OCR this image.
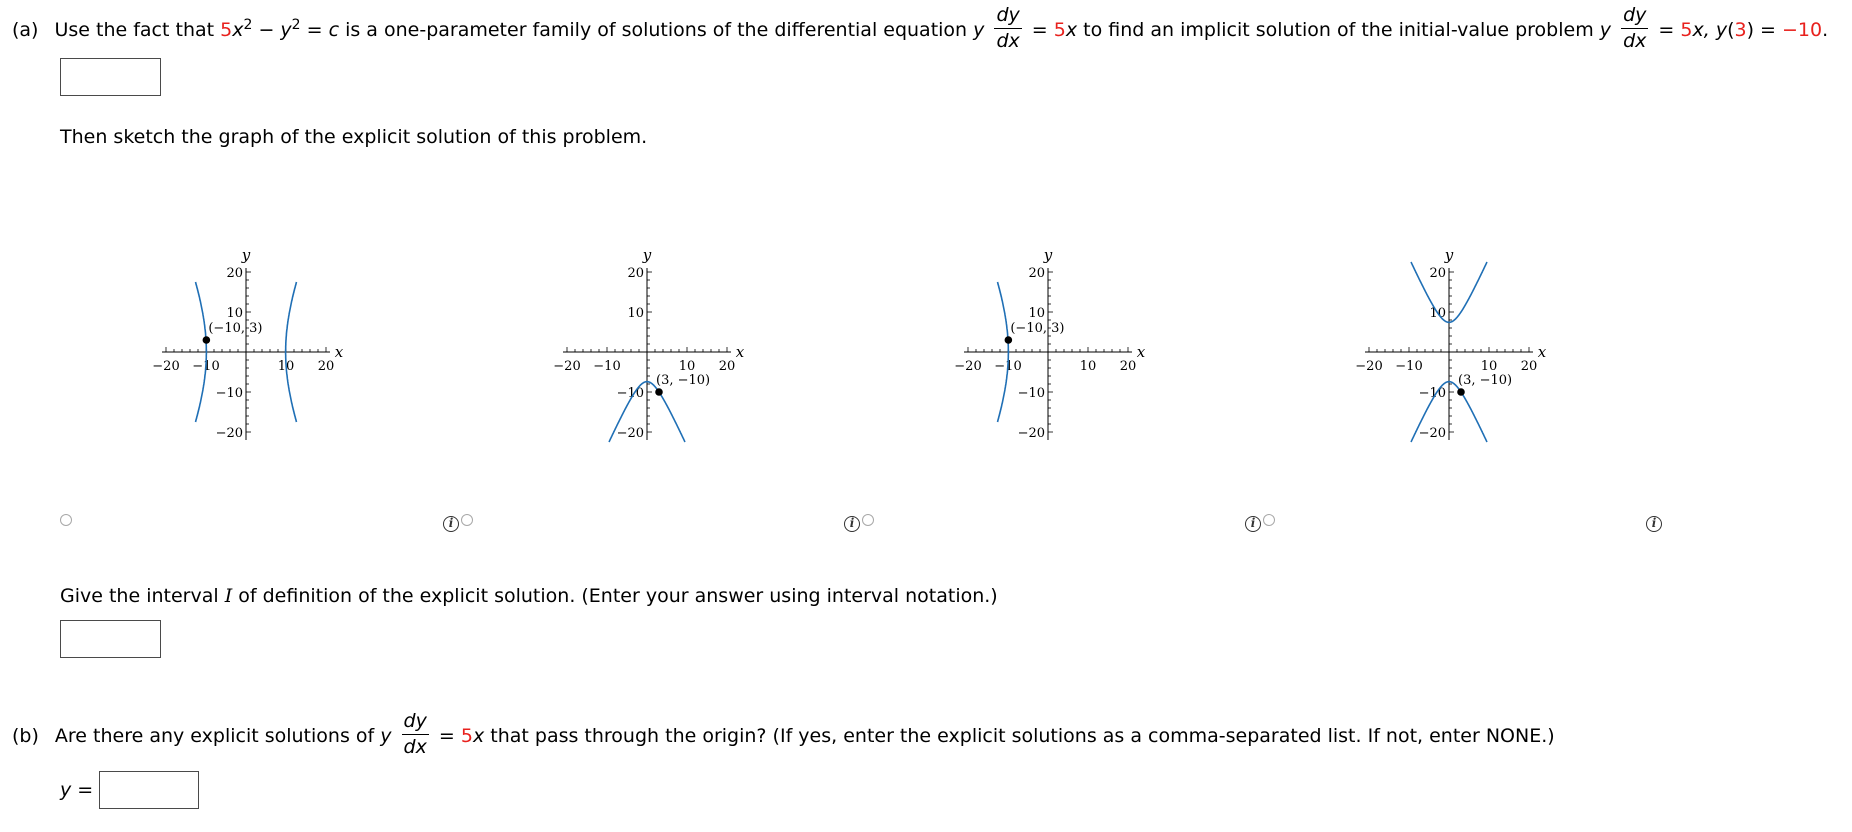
(a) Use the fact that $5x^2 - y^2 = c$ is a one-parameter family of solutions of the differential equation y $\frac{dy}{dx} = 5x$ to find an implicit solution of the initial-value problem y $\frac{dy}{dx} = 5x$, y(3) = −10.
Then sketch the graph of the explicit solution of this problem.
−20 −10	10 20
20
10
−10
−20
x
y
(−10, 3)
i
−20 −10	10 20
20
10
−10
−20
x
y
(3, −10)
i
−20 −10	10 20
20
10
−10
−20
x
y
(−10, 3)
i
−20 −10	10 20
20
10
−10
−20
x
y
(3, −10)
i
Give the interval I of definition of the explicit solution. (Enter your answer using interval notation.)
(b) Are there any explicit solutions of y $\frac{dy}{dx} = 5x$ that pass through the origin? (If yes, enter the explicit solutions as a comma-separated list. If not, enter NONE.)
y =
